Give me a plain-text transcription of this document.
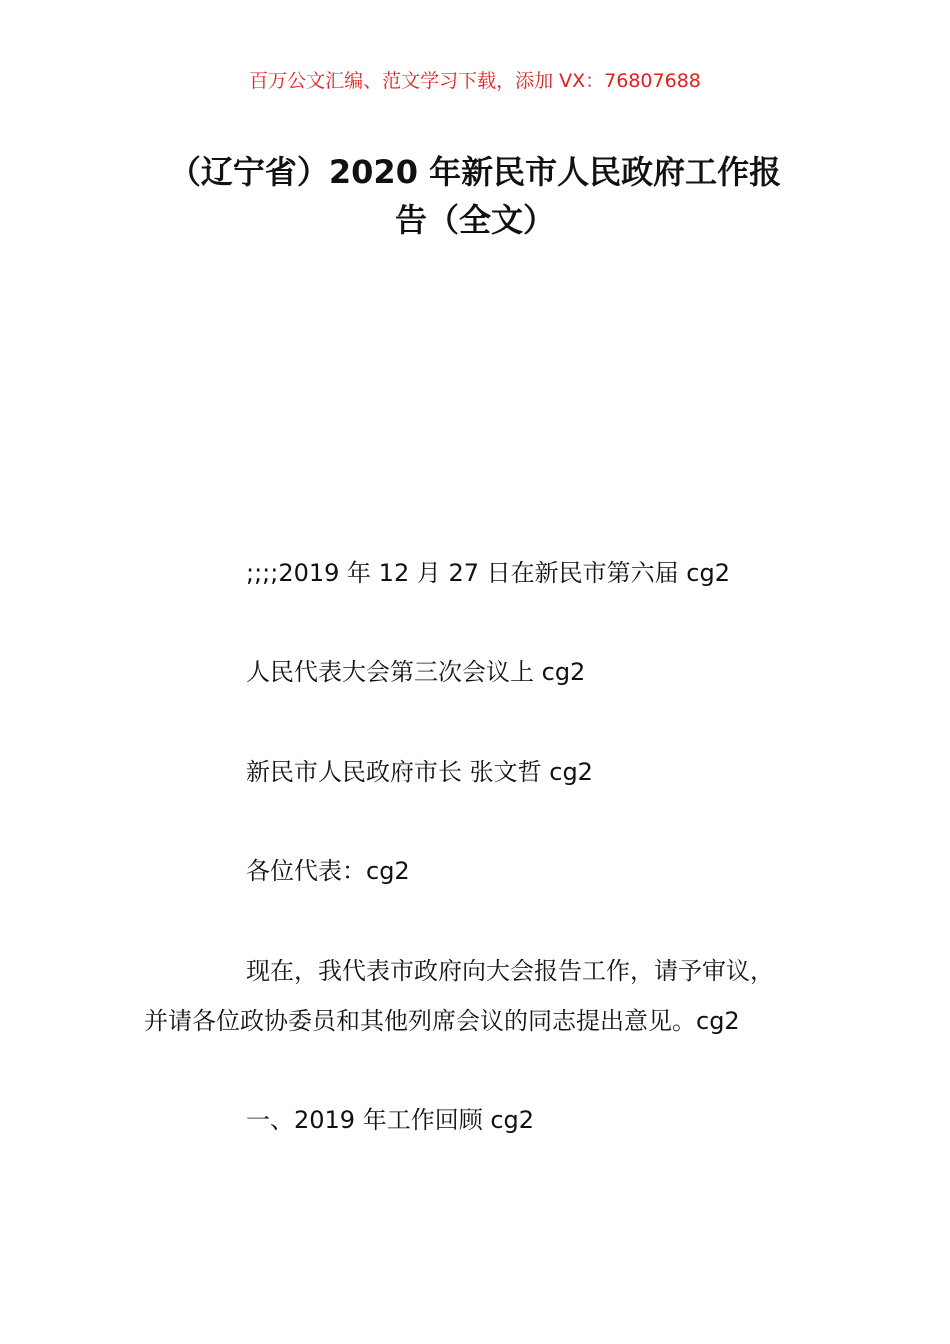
百万公文汇编、范文学习下载，添加 VX：76807688
（辽宁省）2020 年新民市人民政府工作报
告（全文）

;;;;2019 年 12 月 27 日在新民市第六届 cg2

人民代表大会第三次会议上 cg2

新民市人民政府市长 张文哲 cg2

各位代表：cg2

现在，我代表市政府向大会报告工作，请予审议，
并请各位政协委员和其他列席会议的同志提出意见。cg2

一、2019 年工作回顾 cg2
